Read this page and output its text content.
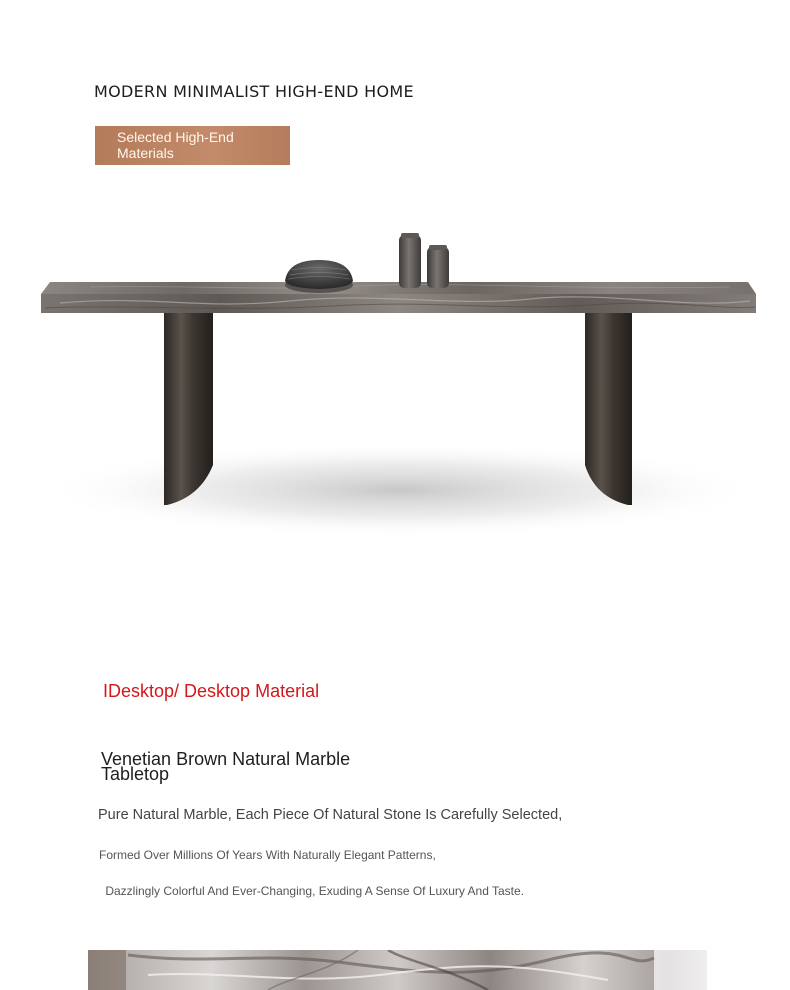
MODERN MINIMALIST HIGH-END HOME
Selected High-End
Materials
IDesktop/ Desktop Material
Venetian Brown Natural Marble
Tabletop

Pure Natural Marble, Each Piece Of Natural Stone Is Carefully Selected,

Formed Over Millions Of Years With Naturally Elegant Patterns,

Dazzlingly Colorful And Ever-Changing, Exuding A Sense Of Luxury And Taste.
